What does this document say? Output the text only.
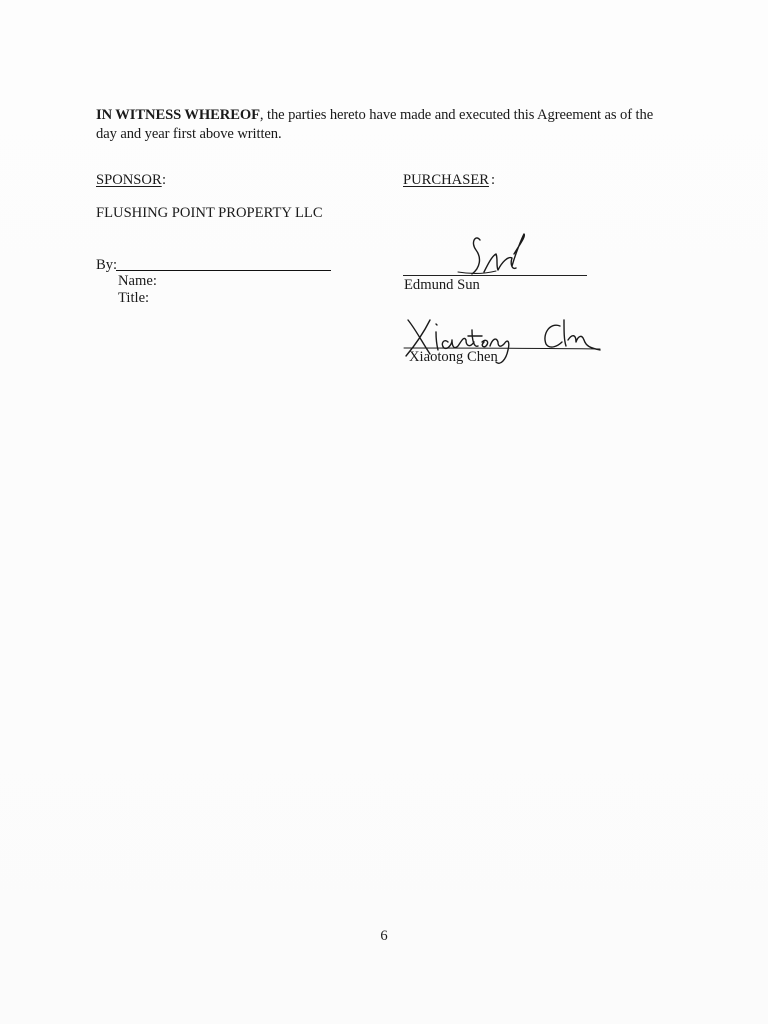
IN WITNESS WHEREOF, the parties hereto have made and executed this Agreement as of the day and year first above written.
SPONSOR :
FLUSHING POINT PROPERTY LLC
By:
Name:
Title:
PURCHASER :
Edmund Sun
Xiaotong Chen
6
